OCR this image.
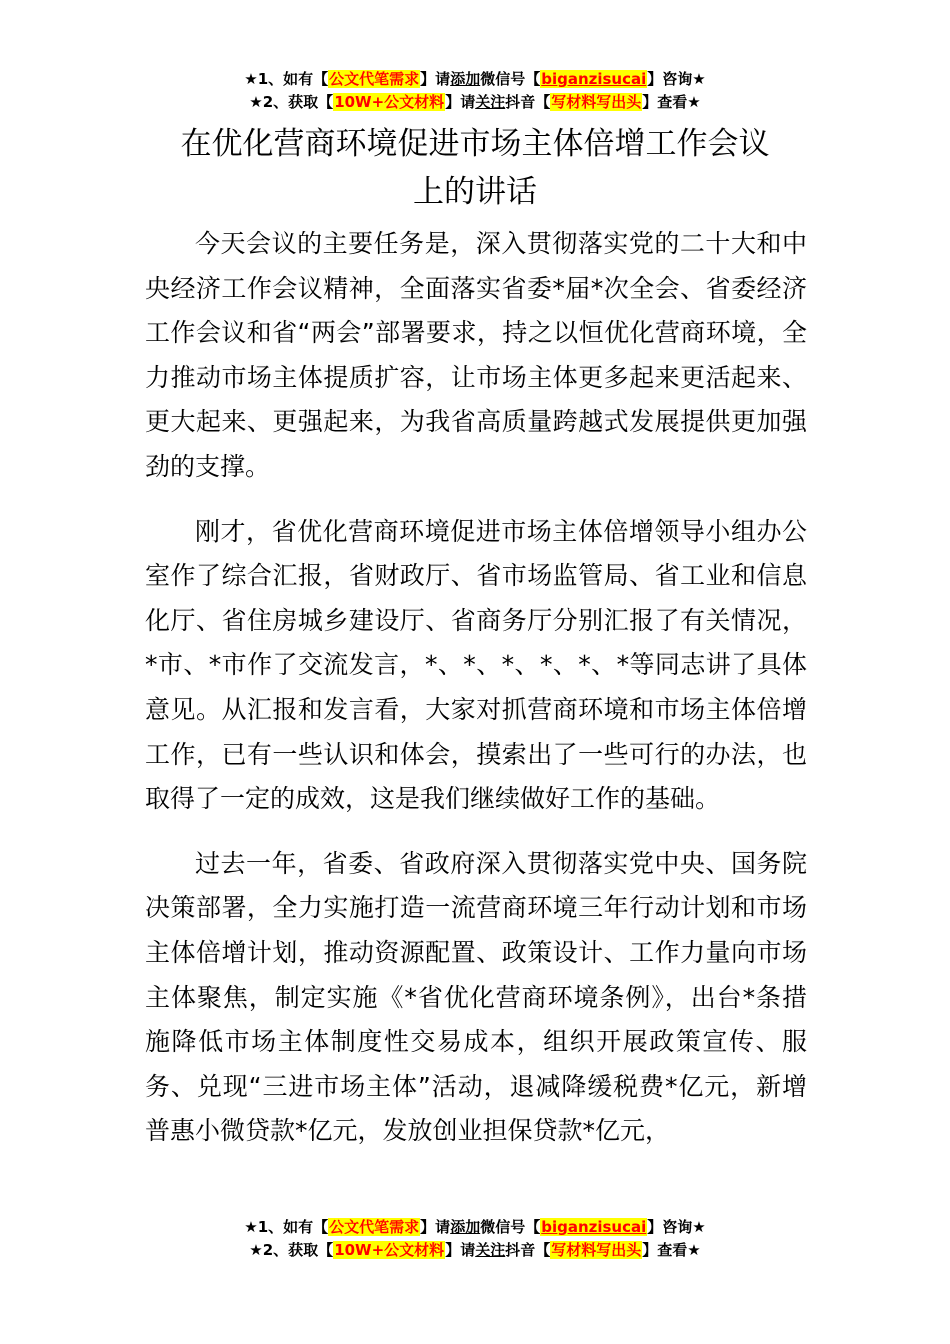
★1、如有【公文代笔需求】请添加微信号【biganzisucai】咨询★
★2、获取【10W+公文材料】请关注抖音【写材料写出头】查看★
在优化营商环境促进市场主体倍增工作会议
上的讲话

今天会议的主要任务是，深入贯彻落实党的二十大和中央经济工作会议精神，全面落实省委*届*次全会、省委经济工作会议和省“两会”部署要求，持之以恒优化营商环境，全力推动市场主体提质扩容，让市场主体更多起来更活起来、更大起来、更强起来，为我省高质量跨越式发展提供更加强劲的支撑。

刚才，省优化营商环境促进市场主体倍增领导小组办公室作了综合汇报，省财政厅、省市场监管局、省工业和信息化厅、省住房城乡建设厅、省商务厅分别汇报了有关情况，*市、*市作了交流发言，*、*、*、*、*、*等同志讲了具体意见。从汇报和发言看，大家对抓营商环境和市场主体倍增工作，已有一些认识和体会，摸索出了一些可行的办法，也取得了一定的成效，这是我们继续做好工作的基础。

过去一年，省委、省政府深入贯彻落实党中央、国务院决策部署，全力实施打造一流营商环境三年行动计划和市场主体倍增计划，推动资源配置、政策设计、工作力量向市场主体聚焦，制定实施《*省优化营商环境条例》，出台*条措施降低市场主体制度性交易成本，组织开展政策宣传、服务、兑现“三进市场主体”活动，退减降缓税费*亿元，新增普惠小微贷款*亿元，发放创业担保贷款*亿元，

★1、如有【公文代笔需求】请添加微信号【biganzisucai】咨询★
★2、获取【10W+公文材料】请关注抖音【写材料写出头】查看★
